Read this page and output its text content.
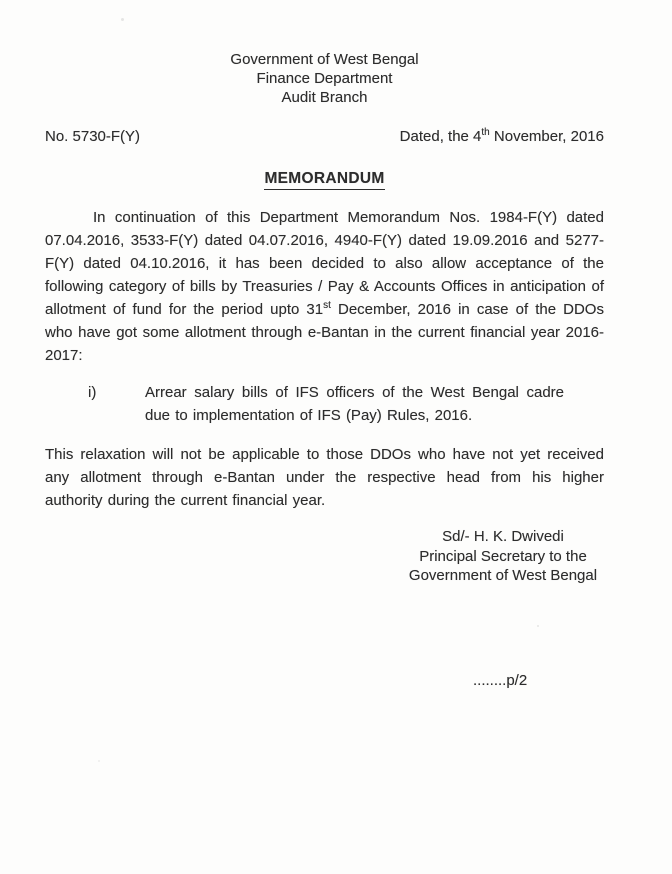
Government of West Bengal
Finance Department
Audit Branch
No. 5730-F(Y)	Dated, the 4th November, 2016
MEMORANDUM

In continuation of this Department Memorandum Nos. 1984-F(Y) dated 07.04.2016, 3533-F(Y) dated 04.07.2016, 4940-F(Y) dated 19.09.2016 and 5277-F(Y) dated 04.10.2016, it has been decided to also allow acceptance of the following category of bills by Treasuries / Pay & Accounts Offices in anticipation of allotment of fund for the period upto 31st December, 2016 in case of the DDOs who have got some allotment through e-Bantan in the current financial year 2016-2017:

i)	Arrear salary bills of IFS officers of the West Bengal cadre due to implementation of IFS (Pay) Rules, 2016.

This relaxation will not be applicable to those DDOs who have not yet received any allotment through e-Bantan under the respective head from his higher authority during the current financial year.

Sd/- H. K. Dwivedi
Principal Secretary to the
Government of West Bengal
........p/2
